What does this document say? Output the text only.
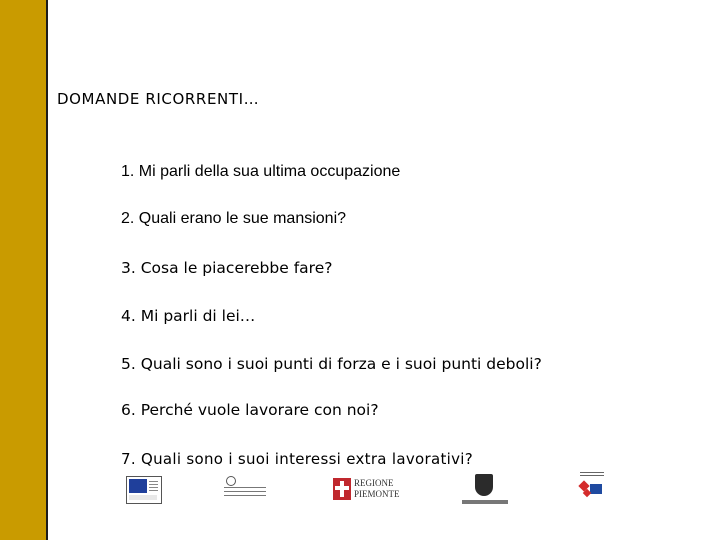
DOMANDE RICORRENTI…
1. Mi parli della sua ultima occupazione
2. Quali erano le sue mansioni?
3. Cosa le piacerebbe fare?
4. Mi parli di lei…
5. Quali sono i suoi punti di forza e i suoi punti deboli?
6. Perché vuole lavorare con noi?
7. Quali sono i suoi interessi extra lavorativi?
REGIONE
PIEMONTE
